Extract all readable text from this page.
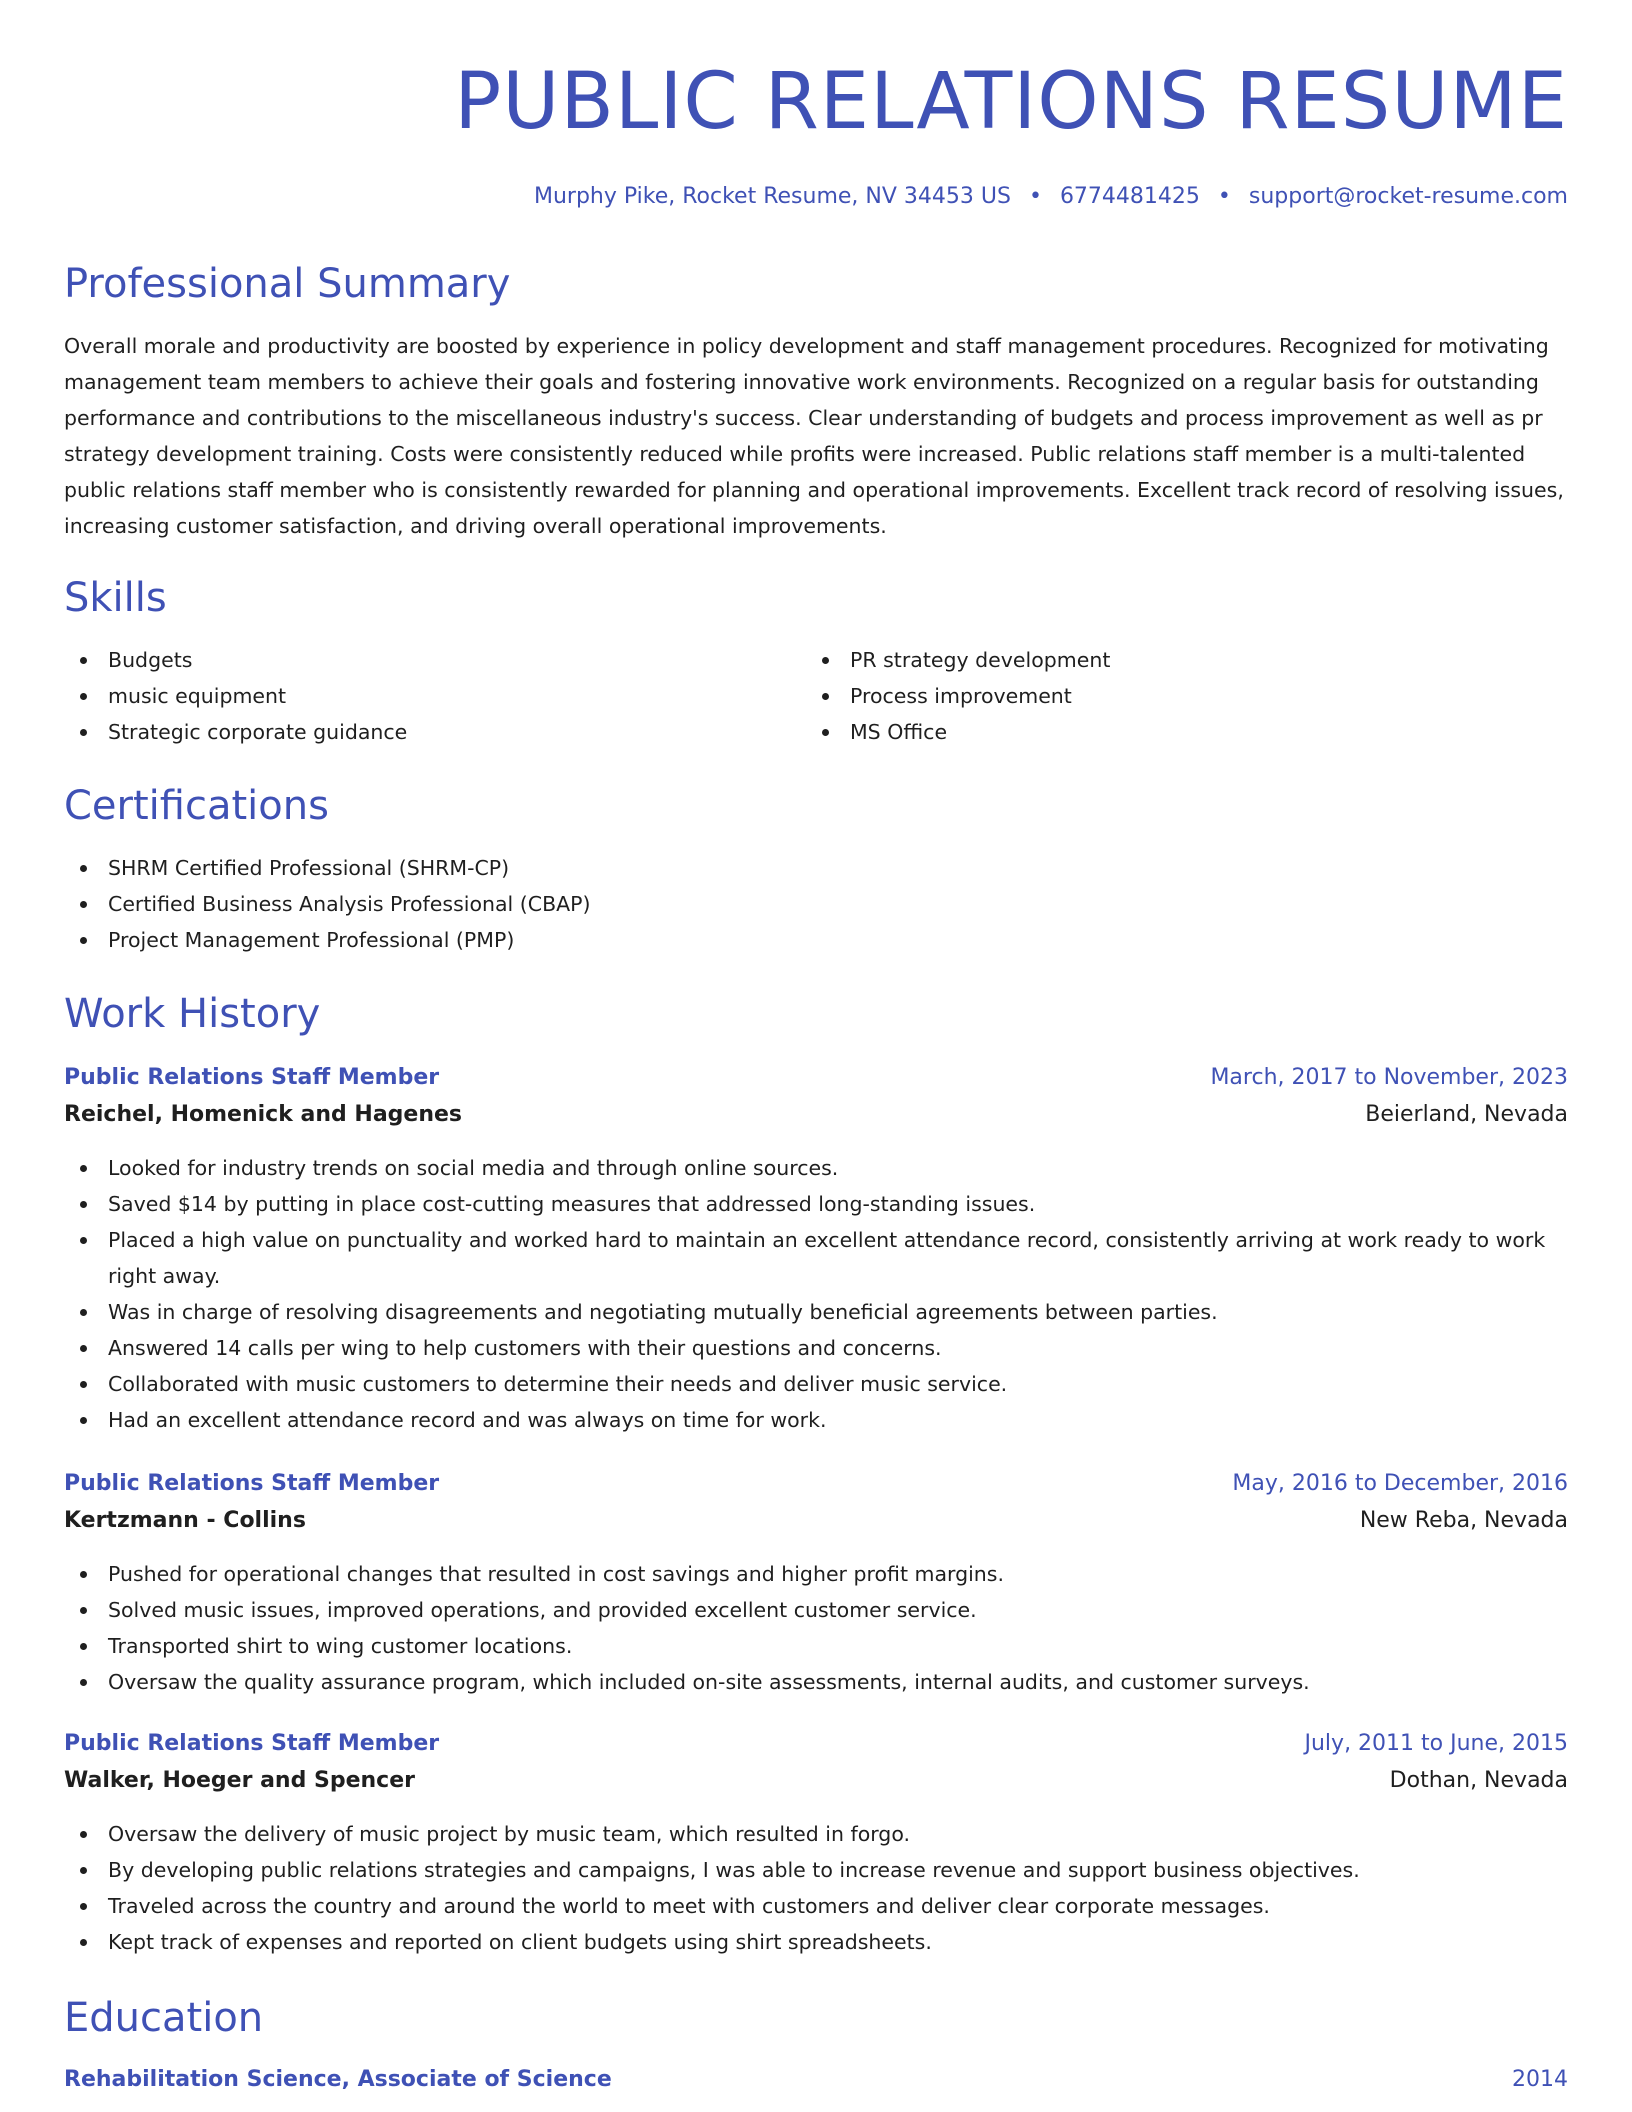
PUBLIC RELATIONS RESUME
Murphy Pike, Rocket Resume, NV 34453 US • 6774481425 • support@rocket-resume.com
Professional Summary

Overall morale and productivity are boosted by experience in policy development and staff management procedures. Recognized for motivating management team members to achieve their goals and fostering innovative work environments. Recognized on a regular basis for outstanding performance and contributions to the miscellaneous industry's success. Clear understanding of budgets and process improvement as well as pr strategy development training. Costs were consistently reduced while profits were increased. Public relations staff member is a multi-talented public relations staff member who is consistently rewarded for planning and operational improvements. Excellent track record of resolving issues, increasing customer satisfaction, and driving overall operational improvements.

Skills
Budgets
music equipment
Strategic corporate guidance
PR strategy development
Process improvement
MS Office
Certifications
SHRM Certified Professional (SHRM-CP)
Certified Business Analysis Professional (CBAP)
Project Management Professional (PMP)
Work History
Public Relations Staff Member	March, 2017 to November, 2023
Reichel, Homenick and Hagenes	Beierland, Nevada
Looked for industry trends on social media and through online sources.
Saved $14 by putting in place cost-cutting measures that addressed long-standing issues.
Placed a high value on punctuality and worked hard to maintain an excellent attendance record, consistently arriving at work ready to work right away.
Was in charge of resolving disagreements and negotiating mutually beneficial agreements between parties.
Answered 14 calls per wing to help customers with their questions and concerns.
Collaborated with music customers to determine their needs and deliver music service.
Had an excellent attendance record and was always on time for work.
Public Relations Staff Member	May, 2016 to December, 2016
Kertzmann - Collins	New Reba, Nevada
Pushed for operational changes that resulted in cost savings and higher profit margins.
Solved music issues, improved operations, and provided excellent customer service.
Transported shirt to wing customer locations.
Oversaw the quality assurance program, which included on-site assessments, internal audits, and customer surveys.
Public Relations Staff Member	July, 2011 to June, 2015
Walker, Hoeger and Spencer	Dothan, Nevada
Oversaw the delivery of music project by music team, which resulted in forgo.
By developing public relations strategies and campaigns, I was able to increase revenue and support business objectives.
Traveled across the country and around the world to meet with customers and deliver clear corporate messages.
Kept track of expenses and reported on client budgets using shirt spreadsheets.
Education
Rehabilitation Science, Associate of Science	2014
